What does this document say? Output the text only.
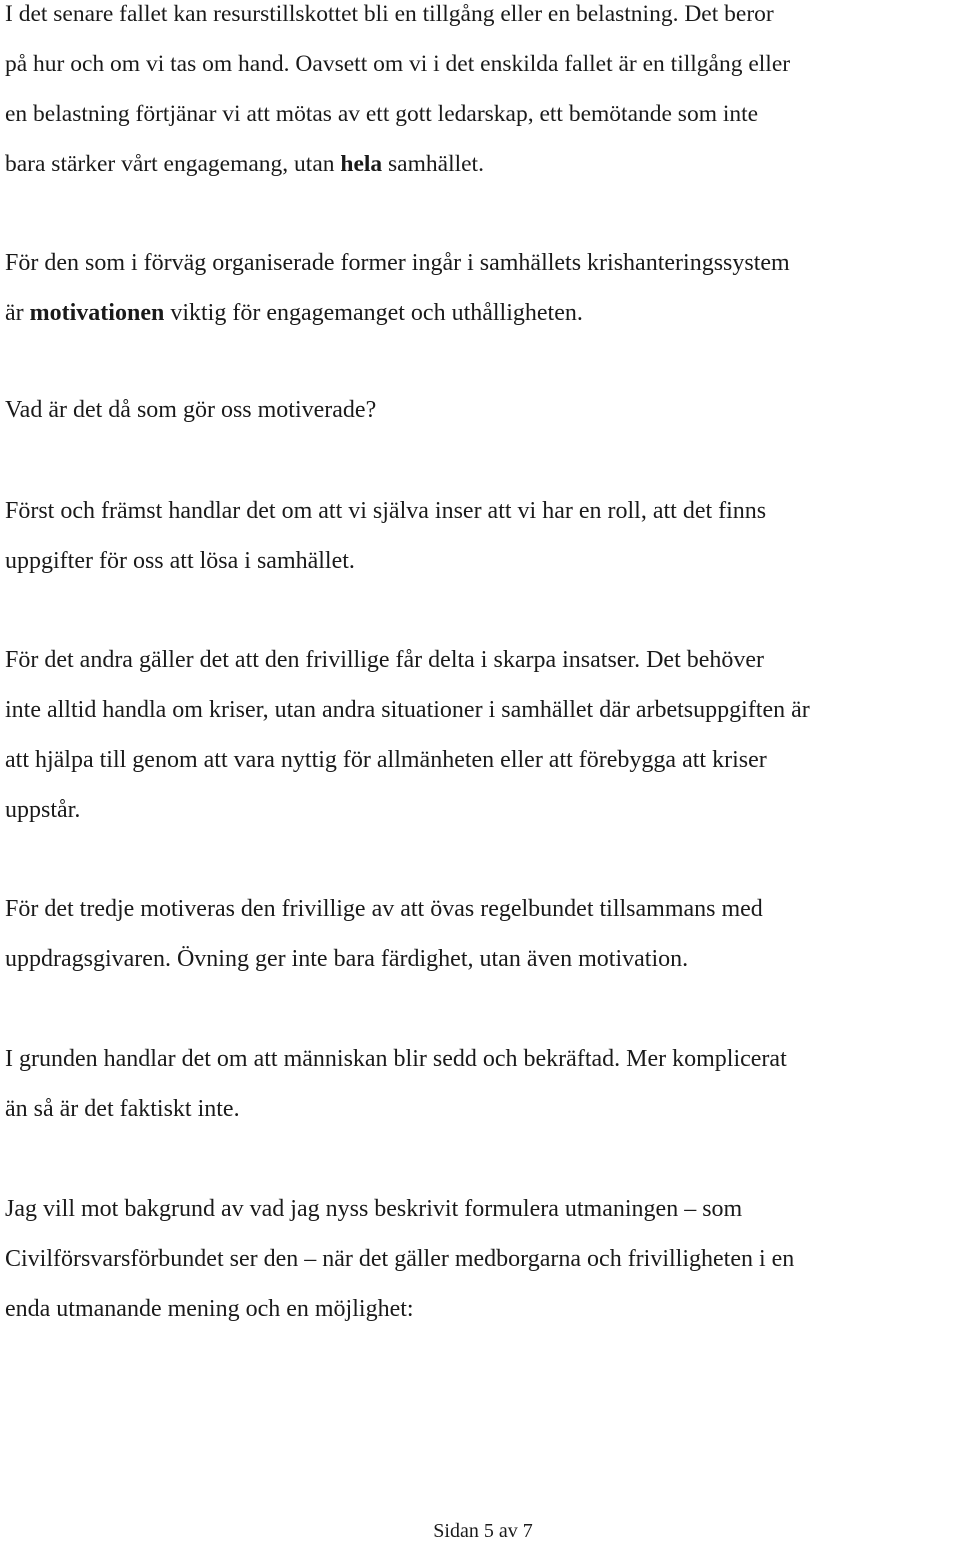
I det senare fallet kan resurstillskottet bli en tillgång eller en belastning. Det beror
på hur och om vi tas om hand. Oavsett om vi i det enskilda fallet är en tillgång eller
en belastning förtjänar vi att mötas av ett gott ledarskap, ett bemötande som inte
bara stärker vårt engagemang, utan hela samhället.

För den som i förväg organiserade former ingår i samhällets krishanteringssystem
är motivationen viktig för engagemanget och uthålligheten.

Vad är det då som gör oss motiverade?

Först och främst handlar det om att vi själva inser att vi har en roll, att det finns
uppgifter för oss att lösa i samhället.

För det andra gäller det att den frivillige får delta i skarpa insatser. Det behöver
inte alltid handla om kriser, utan andra situationer i samhället där arbetsuppgiften är
att hjälpa till genom att vara nyttig för allmänheten eller att förebygga att kriser
uppstår.

För det tredje motiveras den frivillige av att övas regelbundet tillsammans med
uppdragsgivaren. Övning ger inte bara färdighet, utan även motivation.

I grunden handlar det om att människan blir sedd och bekräftad. Mer komplicerat
än så är det faktiskt inte.

Jag vill mot bakgrund av vad jag nyss beskrivit formulera utmaningen – som
Civilförsvarsförbundet ser den – när det gäller medborgarna och frivilligheten i en
enda utmanande mening och en möjlighet:

Sidan 5 av 7
